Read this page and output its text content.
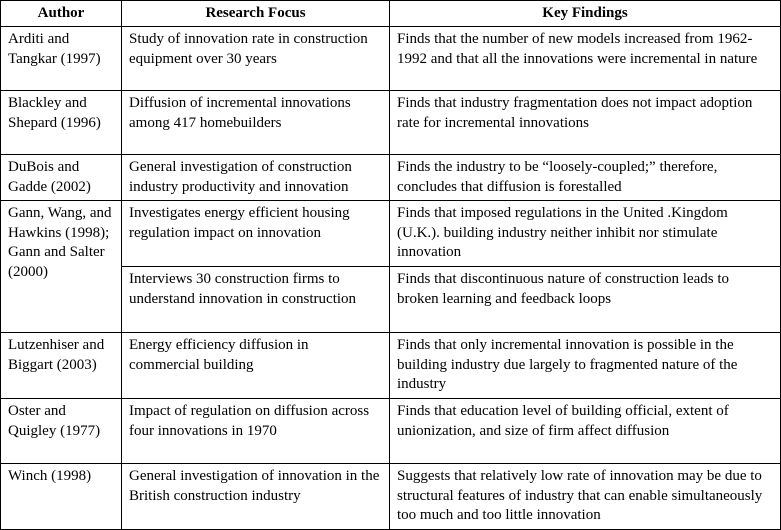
Author	Research Focus	Key Findings
Arditi and Tangkar (1997)	Study of innovation rate in construction equipment over 30 years	Finds that the number of new models increased from 1962-1992 and that all the innovations were incremental in nature
Blackley and Shepard (1996)	Diffusion of incremental innovations among 417 homebuilders	Finds that industry fragmentation does not impact adoption rate for incremental innovations
DuBois and Gadde (2002)	General investigation of construction industry productivity and innovation	Finds the industry to be “loosely-coupled;” therefore, concludes that diffusion is forestalled
Gann, Wang, and Hawkins (1998); Gann and Salter (2000)	Investigates energy efficient housing regulation impact on innovation	Finds that imposed regulations in the United .Kingdom (U.K.). building industry neither inhibit nor stimulate innovation
	Interviews 30 construction firms to understand innovation in construction	Finds that discontinuous nature of construction leads to broken learning and feedback loops
Lutzenhiser and Biggart (2003)	Energy efficiency diffusion in commercial building	Finds that only incremental innovation is possible in the building industry due largely to fragmented nature of the industry
Oster and Quigley (1977)	Impact of regulation on diffusion across four innovations in 1970	Finds that education level of building official, extent of unionization, and size of firm affect diffusion
Winch (1998)	General investigation of innovation in the British construction industry	Suggests that relatively low rate of innovation may be due to structural features of industry that can enable simultaneously too much and too little innovation
